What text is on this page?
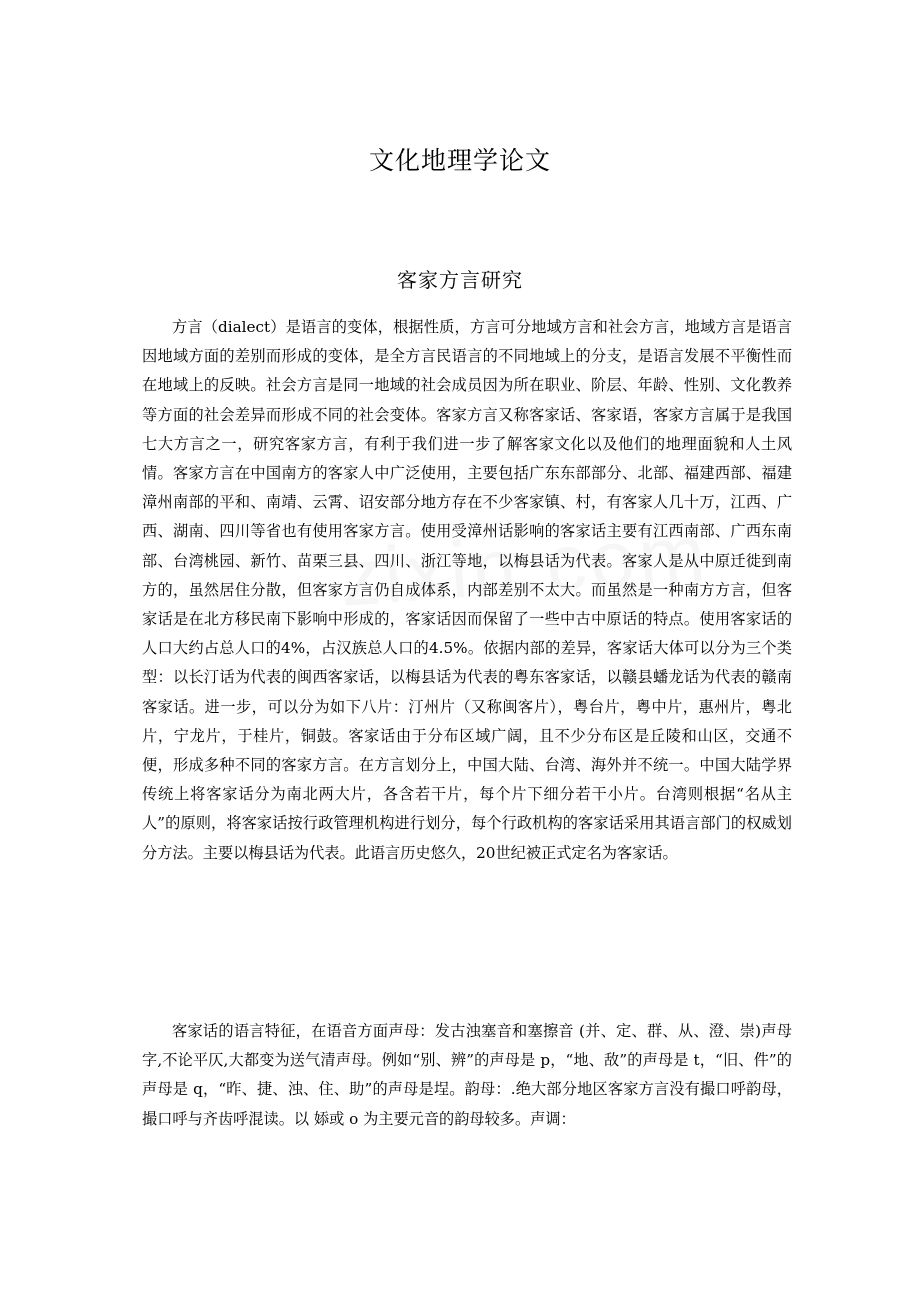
文化地理学论文
客家方言研究

方言（dialect）是语言的变体，根据性质，方言可分地域方言和社会方言，地域方言是语言因地域方面的差别而形成的变体，是全方言民语言的不同地域上的分支，是语言发展不平衡性而在地域上的反映。社会方言是同一地域的社会成员因为所在职业、阶层、年龄、性别、文化教养等方面的社会差异而形成不同的社会变体。客家方言又称客家话、客家语，客家方言属于是我国七大方言之一，研究客家方言，有利于我们进一步了解客家文化以及他们的地理面貌和人土风情。客家方言在中国南方的客家人中广泛使用，主要包括广东东部部分、北部、福建西部、福建漳州南部的平和、南靖、云霄、诏安部分地方存在不少客家镇、村，有客家人几十万，江西、广西、湖南、四川等省也有使用客家方言。使用受漳州话影响的客家话主要有江西南部、广西东南部、台湾桃园、新竹、苗栗三县、四川、浙江等地，以梅县话为代表。客家人是从中原迁徙到南方的，虽然居住分散，但客家方言仍自成体系，内部差别不太大。而虽然是一种南方方言，但客家话是在北方移民南下影响中形成的，客家话因而保留了一些中古中原话的特点。使用客家话的人口大约占总人口的4%，占汉族总人口的4.5%。依据内部的差异，客家话大体可以分为三个类型：以长汀话为代表的闽西客家话，以梅县话为代表的粤东客家话，以赣县蟠龙话为代表的赣南客家话。进一步，可以分为如下八片：汀州片（又称闽客片），粤台片，粤中片，惠州片，粤北片，宁龙片，于桂片，铜鼓。客家话由于分布区域广阔，且不少分布区是丘陵和山区，交通不便，形成多种不同的客家方言。在方言划分上，中国大陆、台湾、海外并不统一。中国大陆学界传统上将客家话分为南北两大片，各含若干片，每个片下细分若干小片。台湾则根据“名从主人”的原则，将客家话按行政管理机构进行划分，每个行政机构的客家话采用其语言部门的权威划分方法。主要以梅县话为代表。此语言历史悠久，20世纪被正式定名为客家话。

客家话的语言特征，在语音方面声母：发古浊塞音和塞擦音 (并、定、群、从、澄、崇)声母字,不论平仄,大都变为送气清声母。例如“别、辨”的声母是 p，“地、敌”的声母是 t，“旧、件”的声母是 q，“昨、捷、浊、住、助”的声母是埕。韵母：.绝大部分地区客家方言没有撮口呼韵母，撮口呼与齐齿呼混读。以 婖或 o 为主要元音的韵母较多。声调：
